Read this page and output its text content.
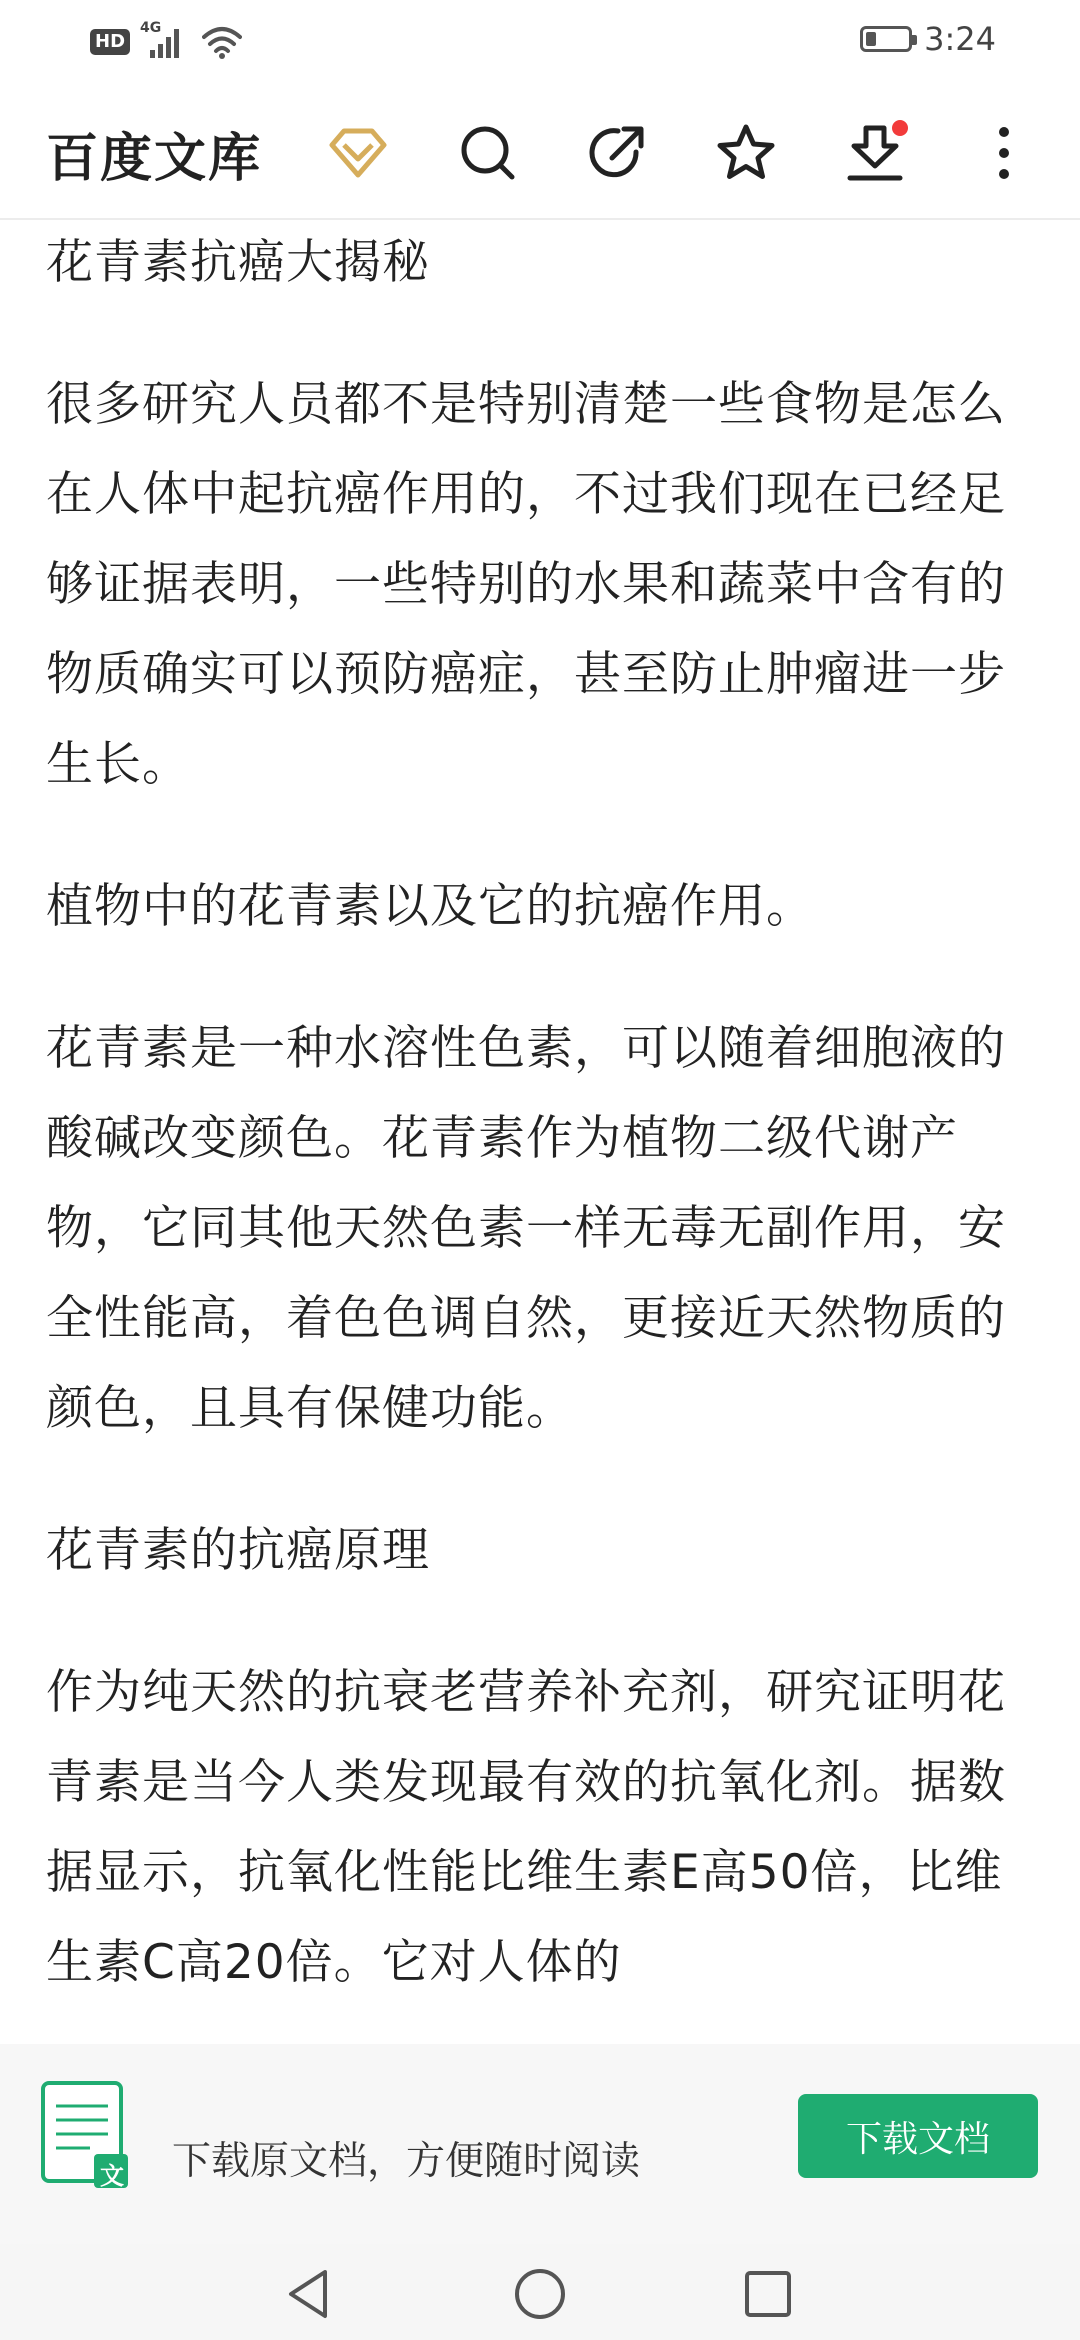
HD
4G	3:24
百度文库

花青素抗癌大揭秘

很多研究人员都不是特别清楚一些食物是怎么在人体中起抗癌作用的，不过我们现在已经足够证据表明，一些特别的水果和蔬菜中含有的物质确实可以预防癌症，甚至防止肿瘤进一步生长。

植物中的花青素以及它的抗癌作用。

花青素是一种水溶性色素，可以随着细胞液的酸碱改变颜色。花青素作为植物二级代谢产物，它同其他天然色素一样无毒无副作用，安全性能高，着色色调自然，更接近天然物质的颜色，且具有保健功能。

花青素的抗癌原理

作为纯天然的抗衰老营养补充剂，研究证明花青素是当今人类发现最有效的抗氧化剂。据数据显示，抗氧化性能比维生素E高50倍，比维生素C高20倍。它对人体的

文 下载原文档，方便随时阅读	下载文档
